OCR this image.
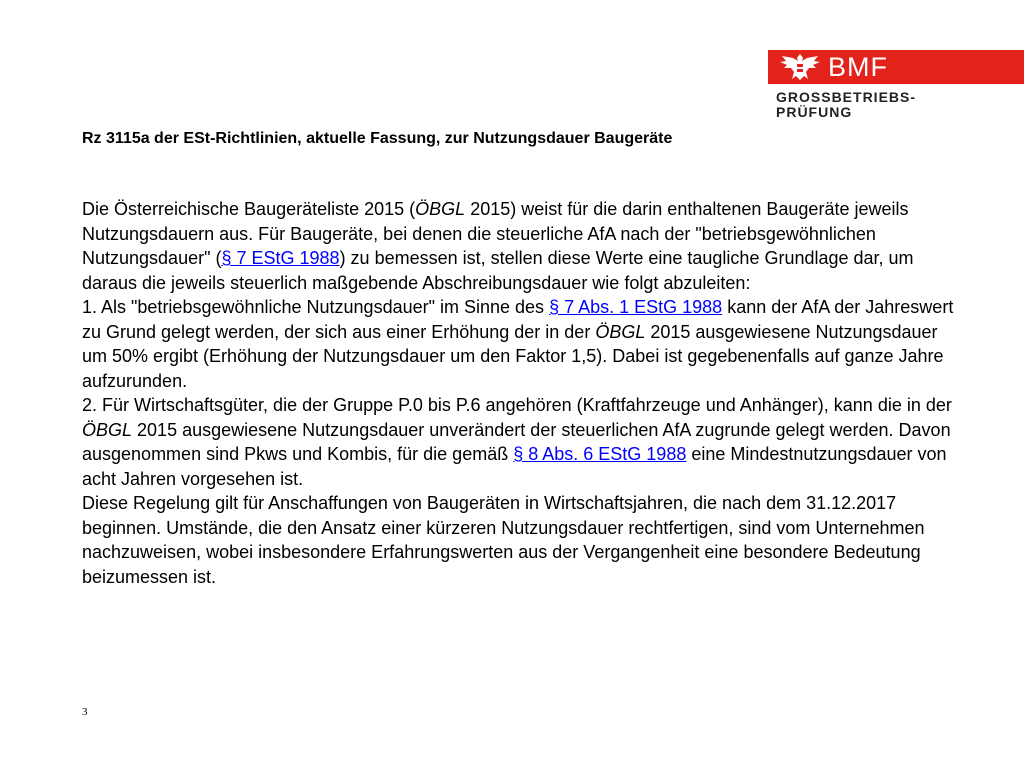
BMF
GROSSBETRIEBS-
PRÜFUNG
Rz 3115a der ESt-Richtlinien, aktuelle Fassung, zur Nutzungsdauer Baugeräte

Die Österreichische Baugeräteliste 2015 (ÖBGL 2015) weist für die darin enthaltenen Baugeräte jeweils Nutzungsdauern aus. Für Baugeräte, bei denen die steuerliche AfA nach der "betriebsgewöhnlichen Nutzungsdauer" (§ 7 EStG 1988) zu bemessen ist, stellen diese Werte eine taugliche Grundlage dar, um daraus die jeweils steuerlich maßgebende Abschreibungsdauer wie folgt abzuleiten:

1. Als "betriebsgewöhnliche Nutzungsdauer" im Sinne des § 7 Abs. 1 EStG 1988 kann der AfA der Jahreswert zu Grund gelegt werden, der sich aus einer Erhöhung der in der ÖBGL 2015 ausgewiesene Nutzungsdauer um 50% ergibt (Erhöhung der Nutzungsdauer um den Faktor 1,5). Dabei ist gegebenenfalls auf ganze Jahre aufzurunden.

2. Für Wirtschaftsgüter, die der Gruppe P.0 bis P.6 angehören (Kraftfahrzeuge und Anhänger), kann die in der ÖBGL 2015 ausgewiesene Nutzungsdauer unverändert der steuerlichen AfA zugrunde gelegt werden. Davon ausgenommen sind Pkws und Kombis, für die gemäß § 8 Abs. 6 EStG 1988 eine Mindestnutzungsdauer von acht Jahren vorgesehen ist.

Diese Regelung gilt für Anschaffungen von Baugeräten in Wirtschaftsjahren, die nach dem 31.12.2017 beginnen. Umstände, die den Ansatz einer kürzeren Nutzungsdauer rechtfertigen, sind vom Unternehmen nachzuweisen, wobei insbesondere Erfahrungswerten aus der Vergangenheit eine besondere Bedeutung beizumessen ist.

3
